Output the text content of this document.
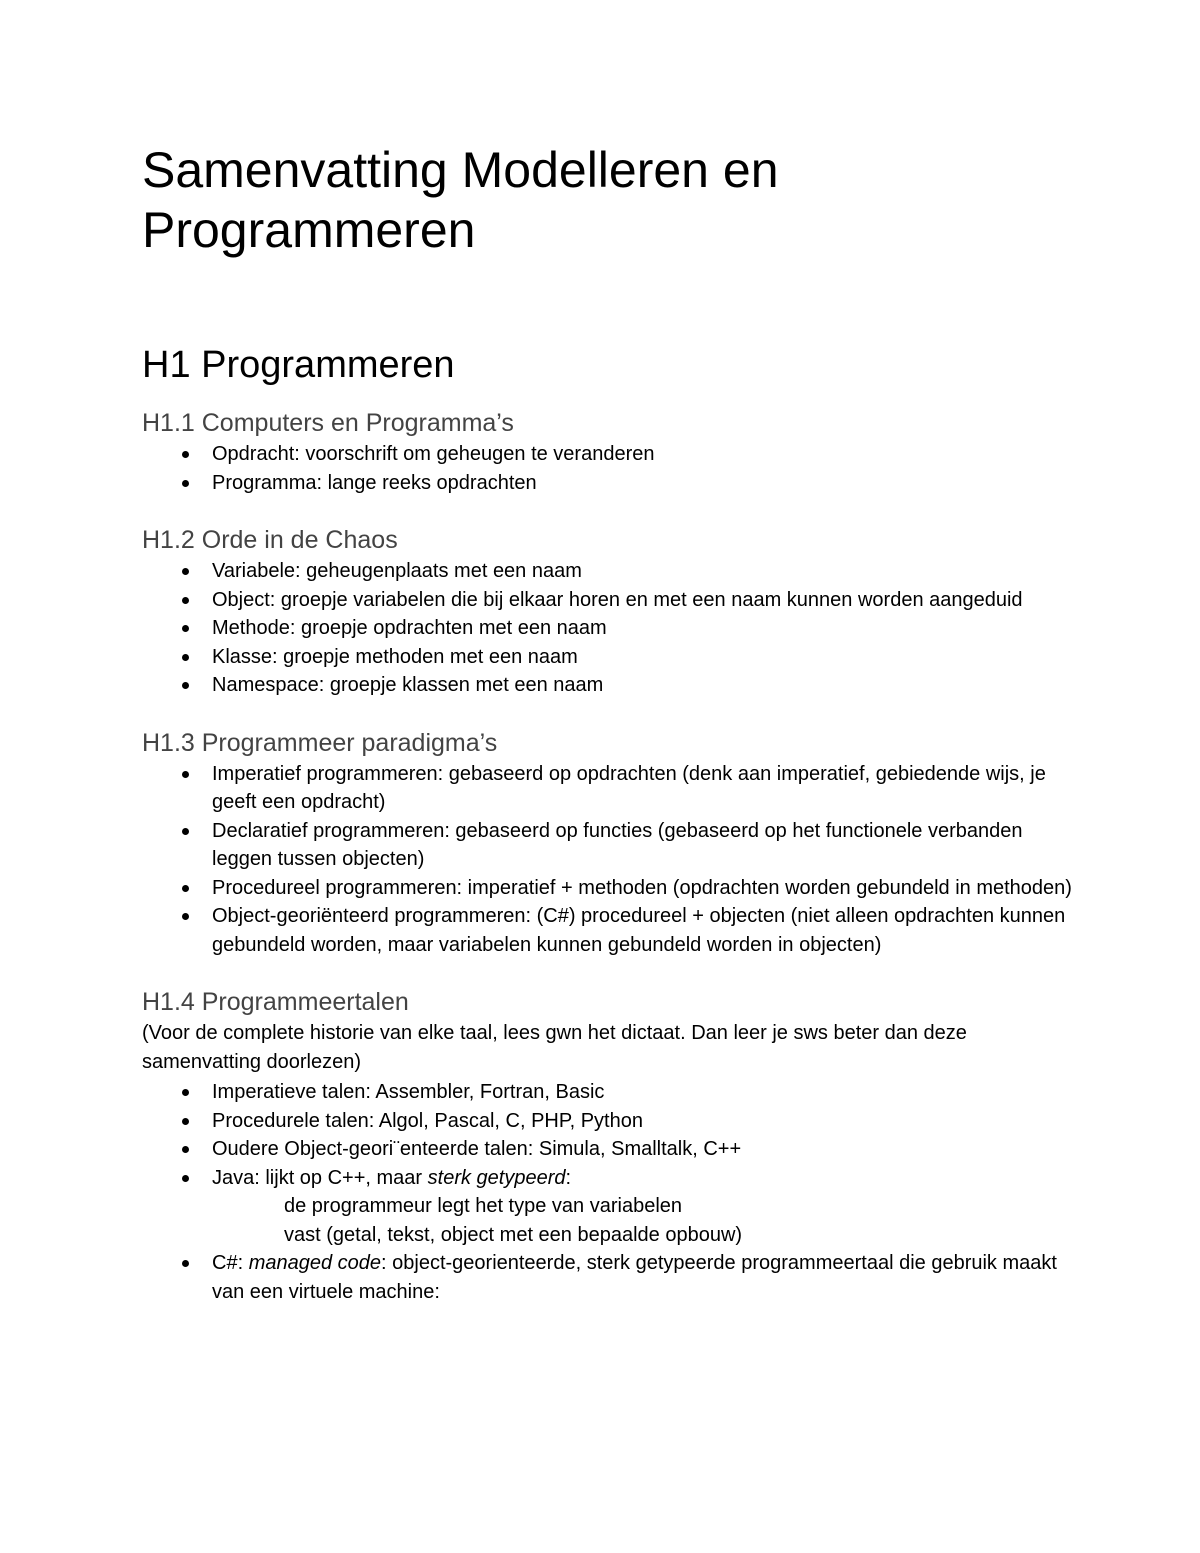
Samenvatting Modelleren en Programmeren
H1 Programmeren
H1.1 Computers en Programma’s
Opdracht: voorschrift om geheugen te veranderen
Programma: lange reeks opdrachten
H1.2 Orde in de Chaos
Variabele: geheugenplaats met een naam
Object: groepje variabelen die bij elkaar horen en met een naam kunnen worden aangeduid
Methode: groepje opdrachten met een naam
Klasse: groepje methoden met een naam
Namespace: groepje klassen met een naam
H1.3 Programmeer paradigma’s
Imperatief programmeren: gebaseerd op opdrachten (denk aan imperatief, gebiedende wijs, je geeft een opdracht)
Declaratief programmeren: gebaseerd op functies (gebaseerd op het functionele verbanden leggen tussen objecten)
Procedureel programmeren: imperatief + methoden (opdrachten worden gebundeld in methoden)
Object-georiënteerd programmeren: (C#) procedureel + objecten (niet alleen opdrachten kunnen gebundeld worden, maar variabelen kunnen gebundeld worden in objecten)
H1.4 Programmeertalen

(Voor de complete historie van elke taal, lees gwn het dictaat. Dan leer je sws beter dan deze samenvatting doorlezen)

Imperatieve talen: Assembler, Fortran, Basic
Procedurele talen: Algol, Pascal, C, PHP, Python
Oudere Object-geori¨enteerde talen: Simula, Smalltalk, C++
Java: lijkt op C++, maar sterk getypeerd:
de programmeur legt het type van variabelen
vast (getal, tekst, object met een bepaalde opbouw)
C#: managed code: object-georienteerde, sterk getypeerde programmeertaal die gebruik maakt van een virtuele machine:
